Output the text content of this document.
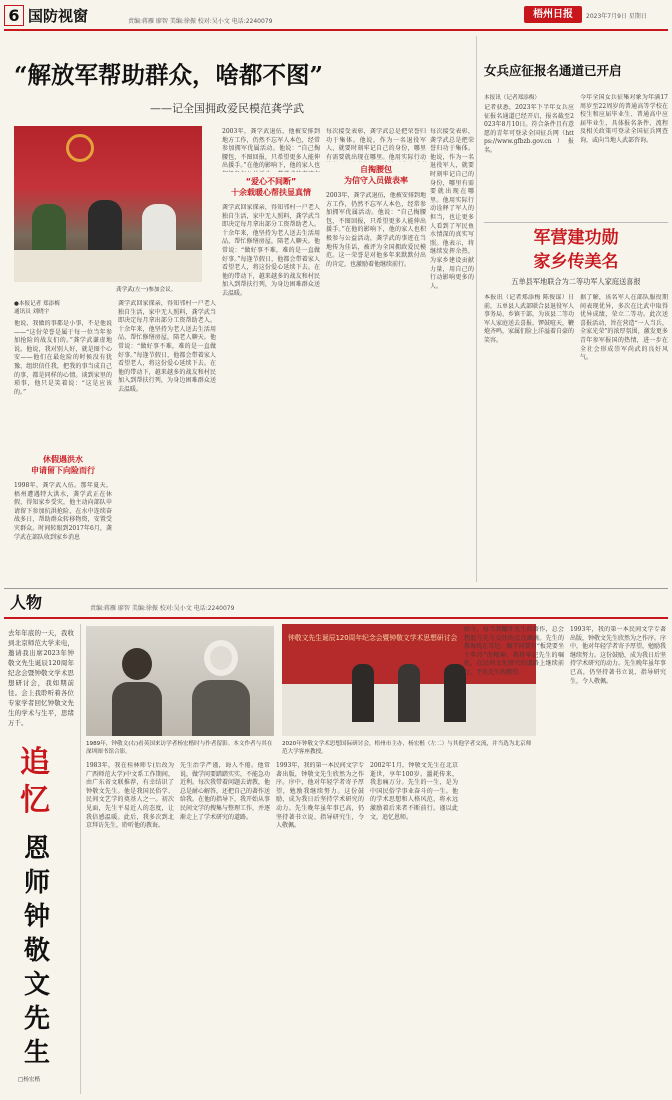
6 国防视窗	责编:蒋雁 廖智 美编:徐振 校对:吴小文 电话:2240079
梧州日报	2023年7月9日 星期日
“解放军帮助群众，啥都不图”
——记全国拥政爱民模范龚学武
龚学武(左一)参加会议。
●本报记者 郑添梅
通讯员 刘晓宇
他说，我做的事都是小事，不是他说——“这份荣誉是属于每一位当年参加抢险的战友们的。”龚学武谦虚地说。他说，我对别人好，就是图个心安——他们在最危险的时候没有犹豫，组织信任我，把我的事当成自己的事，都是同样的心情。谈到家里的琐事，他只是笑着说：“这是应该的。”
休假遇洪水
申请留下向险而行
1998年，龚学武入伍。那年夏天，梧州遭遇特大洪水，龚学武正在休假，得知家乡受灾，他主动向部队申请留下参加抗洪抢险，在水中连续奋战多日，帮助群众转移物资，安置受灾群众。时间转眼到2017年6月，龚学武在部队收到家乡消息
龚学武回家探亲，得知邻村一户老人独自生活，家中无人照料，龚学武当即决定每月拿出部分工资帮助老人。十余年来，他坚持为老人送去生活用品，帮忙修缮房屋，陪老人聊天。他常说：“做好事不难，难的是一直做好事。”每逢节假日，他都会带着家人看望老人，将这份爱心延续下去。在他的带动下，越来越多的战友和村民加入到帮扶行列，为身边困难群众送去温暖。
2003年，龚学武退伍，他被安排到地方工作，仍然不忘军人本色，经常参加拥军优属活动。他说：“自己掏腰包，不图回报，只希望更多人能伸出援手。”在他的影响下，他的家人也
“爱心不间断”
十余载暖心帮扶显真情
龚学武回家探亲，得知邻村一户老人独自生活，家中无人照料，龚学武当即决定每月拿出部分工资帮助老人。十余年来，他坚持为老人送去生活用品，帮忙修缮房屋，陪老人聊天。他常说：“做好事不难，难的是一直做好事。”每逢节假日，他都会带着家人看望老人，将这份爱心延续下去。在他的带动下，越来越多的战友和村民加入到帮扶行列，为身边困难群众送去温暖。
每次接受表彰，龚学武总是把荣誉归功于集体。他说，作为一名退役军人，就要时刻牢记自己的身份，哪里有需要就出现在哪里。他用实际行动
自掏腰包
为信守入员做表率
2003年，龚学武退伍，他被安排到地方工作，仍然不忘军人本色，经常参加拥军优属活动。他说：“自己掏腰包，不图回报，只希望更多人能伸出援手。”在他的影响下，他的家人也积极参与公益活动，龚学武的事迹在当地传为佳话，被评为全国拥政爱民模范。这一荣誉是对他多年来默默付出的肯定，也激励着他继续前行。
每次接受表彰，龚学武总是把荣誉归功于集体。他说，作为一名退役军人，就要时刻牢记自己的身份，哪里有需要就出现在哪里。他用实际行动诠释了军人的担当，也让更多人看到了军民鱼水情深的真实写照。他表示，将继续发挥余热，为家乡建设贡献力量，用自己的行动影响更多的人。
女兵应征报名通道已开启
本报讯（记者郑添梅）
记者获悉，2023年下半年女兵应征报名通道已经开启，报名截至2023年8月10日。符合条件且有意愿的青年可登录全国征兵网（https://www.gfbzb.gov.cn）报名。
今年全国女兵征集对象为年满17周岁至22周岁的普通高等学校在校生和应届毕业生、普通高中应届毕业生，具体报名条件、流程及相关政策可登录全国征兵网查询，或向当地人武部咨询。
军营建功勋
家乡传美名
五单县军地联合为二等功军人家庭送喜报
本报讯（记者郑添梅 陈俊谋）日前，五单县人武部联合县退役军人事务局、乡镇干部，为该县二等功军人家庭送去喜报。锣鼓喧天，鞭炮齐鸣，家属们脸上洋溢着自豪的笑容。
据了解，该名军人在部队服役期间表现优异，多次在比武中取得优异成绩，荣立二等功。此次送喜报活动，旨在营造“一人当兵，全家光荣”的浓厚氛围，激发更多青年参军报国的热情，进一步在全社会形成崇军尚武的良好风气。
人物	责编:蒋雁 廖智 美编:徐振 校对:吴小文 电话:2240079
去年年底的一天，我收到北京师范大学来电，邀请我出席2023年钟敬文先生诞辰120周年纪念会暨钟敬文学术思想研讨会，我如期前往。会上我聆听着各位专家学者回忆钟敬文先生的学术与生平，思绪万千。
追忆
恩师钟敬文先生
□杨宏楷
1989年，钟敬文(右)看英国来访学者杨宏楷时与作者留影。本文作者与其在深圳图书馆合影。
钟敬文先生诞辰120周年纪念会暨钟敬文学术思想研讨会
2020年钟敬文学术思想国际研讨会，梧州市主办，杨宏楷（左二）与其他学者交流，并当选为北京师范大学客座教授。
1983年，我在桂林师专(后改为广西师范大学)中文系工作期间，由广东省文联推荐，有幸结识了钟敬文先生。他是我国民俗学、民间文艺学的奠基人之一。初次见面，先生平易近人的态度，让我倍感温暖。此后，我多次到北京拜访先生，聆听他的教诲。
先生治学严谨，诲人不倦。他常说，做学问要踏踏实实，不能急功近利。每次我带着问题去请教，他总是耐心解答，还把自己的著作送给我。在他的指导下，我开始从事民间文学的搜集与整理工作，并逐渐走上了学术研究的道路。
1993年，我的第一本民间文学专著出版，钟敬文先生欣然为之作序。序中，他对年轻学者寄予厚望，勉励我继续努力。这份鼓励，成为我日后坚持学术研究的动力。先生晚年虽年事已高，仍坚持著书立说、指导研究生，令人敬佩。
2002年1月，钟敬文先生在北京逝世，享年100岁。噩耗传来，我悲痛万分。先生的一生，是为中国民俗学事业奋斗的一生。他的学术思想和人格风范，将永远激励着后来者不断前行。谨以此文，追忆恩师。
如今，每当我翻开先生的著作，总会想起与先生交往的点点滴滴。先生的教诲犹在耳边：做学问要有“板凳要坐十年冷”的精神。我将牢记先生的嘱托，在民间文化研究的道路上继续前行，不负先生的期望。
1993年，我的第一本民间文学专著出版，钟敬文先生欣然为之作序。序中，他对年轻学者寄予厚望，勉励我继续努力。这份鼓励，成为我日后坚持学术研究的动力。先生晚年虽年事已高，仍坚持著书立说、指导研究生，令人敬佩。
